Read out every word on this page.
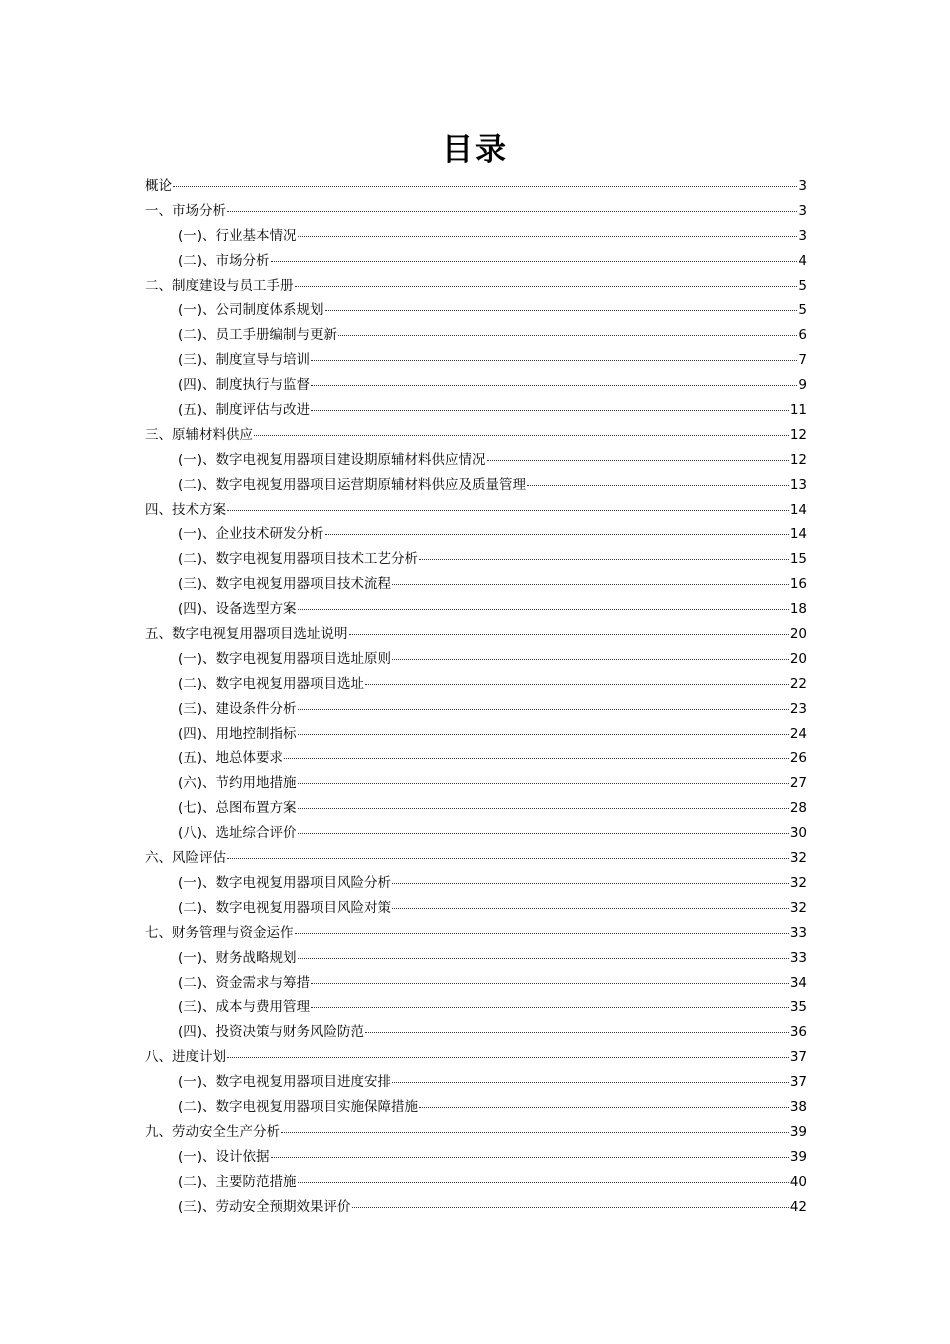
目录
概论	3
一、市场分析	3
(一)、行业基本情况	3
(二)、市场分析	4
二、制度建设与员工手册	5
(一)、公司制度体系规划	5
(二)、员工手册编制与更新	6
(三)、制度宣导与培训	7
(四)、制度执行与监督	9
(五)、制度评估与改进	11
三、原辅材料供应	12
(一)、数字电视复用器项目建设期原辅材料供应情况	12
(二)、数字电视复用器项目运营期原辅材料供应及质量管理	13
四、技术方案	14
(一)、企业技术研发分析	14
(二)、数字电视复用器项目技术工艺分析	15
(三)、数字电视复用器项目技术流程	16
(四)、设备选型方案	18
五、数字电视复用器项目选址说明	20
(一)、数字电视复用器项目选址原则	20
(二)、数字电视复用器项目选址	22
(三)、建设条件分析	23
(四)、用地控制指标	24
(五)、地总体要求	26
(六)、节约用地措施	27
(七)、总图布置方案	28
(八)、选址综合评价	30
六、风险评估	32
(一)、数字电视复用器项目风险分析	32
(二)、数字电视复用器项目风险对策	32
七、财务管理与资金运作	33
(一)、财务战略规划	33
(二)、资金需求与筹措	34
(三)、成本与费用管理	35
(四)、投资决策与财务风险防范	36
八、进度计划	37
(一)、数字电视复用器项目进度安排	37
(二)、数字电视复用器项目实施保障措施	38
九、劳动安全生产分析	39
(一)、设计依据	39
(二)、主要防范措施	40
(三)、劳动安全预期效果评价	42
